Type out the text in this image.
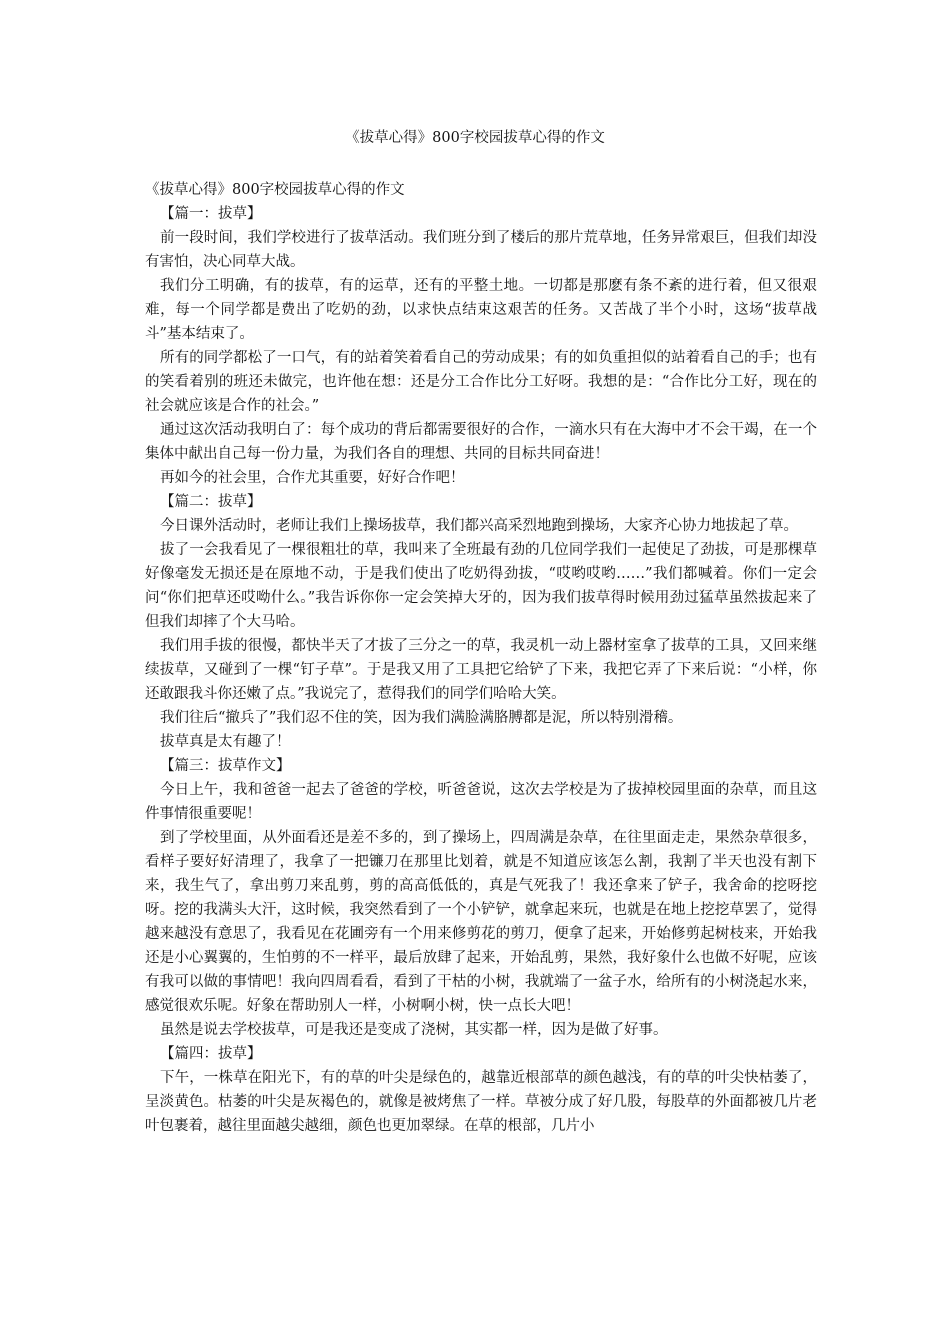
《拔草心得》800字校园拔草心得的作文

《拔草心得》800字校园拔草心得的作文

【篇一：拔草】

前一段时间，我们学校进行了拔草活动。我们班分到了楼后的那片荒草地，任务异常艰巨，但我们却没有害怕，决心同草大战。

我们分工明确，有的拔草，有的运草，还有的平整土地。一切都是那麽有条不紊的进行着，但又很艰难，每一个同学都是费出了吃奶的劲，以求快点结束这艰苦的任务。又苦战了半个小时，这场“拔草战斗”基本结束了。

所有的同学都松了一口气，有的站着笑着看自己的劳动成果；有的如负重担似的站着看自己的手；也有的笑看着别的班还未做完，也许他在想：还是分工合作比分工好呀。我想的是：“合作比分工好，现在的社会就应该是合作的社会。”

通过这次活动我明白了：每个成功的背后都需要很好的合作，一滴水只有在大海中才不会干竭，在一个集体中献出自己每一份力量，为我们各自的理想、共同的目标共同奋进！

再如今的社会里，合作尤其重要，好好合作吧！

【篇二：拔草】

今日课外活动时，老师让我们上操场拔草，我们都兴高采烈地跑到操场，大家齐心协力地拔起了草。

拔了一会我看见了一棵很粗壮的草，我叫来了全班最有劲的几位同学我们一起使足了劲拔，可是那棵草好像毫发无损还是在原地不动，于是我们使出了吃奶得劲拔，“哎哟哎哟……”我们都喊着。你们一定会问“你们把草还哎呦什么。”我告诉你你一定会笑掉大牙的，因为我们拔草得时候用劲过猛草虽然拔起来了但我们却摔了个大马哈。

我们用手拔的很慢，都快半天了才拔了三分之一的草，我灵机一动上器材室拿了拔草的工具，又回来继续拔草，又碰到了一棵“钉子草”。于是我又用了工具把它给铲了下来，我把它弄了下来后说：“小样，你还敢跟我斗你还嫩了点。”我说完了，惹得我们的同学们哈哈大笑。

我们往后“撤兵了”我们忍不住的笑，因为我们满脸满胳膊都是泥，所以特别滑稽。

拔草真是太有趣了！

【篇三：拔草作文】

今日上午，我和爸爸一起去了爸爸的学校，听爸爸说，这次去学校是为了拔掉校园里面的杂草，而且这件事情很重要呢！

到了学校里面，从外面看还是差不多的，到了操场上，四周满是杂草，在往里面走走，果然杂草很多，看样子要好好清理了，我拿了一把镰刀在那里比划着，就是不知道应该怎么割，我割了半天也没有割下来，我生气了，拿出剪刀来乱剪，剪的高高低低的，真是气死我了！我还拿来了铲子，我舍命的挖呀挖呀。挖的我满头大汗，这时候，我突然看到了一个小铲铲，就拿起来玩，也就是在地上挖挖草罢了，觉得越来越没有意思了，我看见在花圃旁有一个用来修剪花的剪刀，便拿了起来，开始修剪起树枝来，开始我还是小心翼翼的，生怕剪的不一样平，最后放肆了起来，开始乱剪，果然，我好象什么也做不好呢，应该有我可以做的事情吧！我向四周看看，看到了干枯的小树，我就端了一盆子水，给所有的小树浇起水来，感觉很欢乐呢。好象在帮助别人一样，小树啊小树，快一点长大吧！

虽然是说去学校拔草，可是我还是变成了浇树，其实都一样，因为是做了好事。

【篇四：拔草】

下午，一株草在阳光下，有的草的叶尖是绿色的，越靠近根部草的颜色越浅，有的草的叶尖快枯萎了，呈淡黄色。枯萎的叶尖是灰褐色的，就像是被烤焦了一样。草被分成了好几股，每股草的外面都被几片老叶包裹着，越往里面越尖越细，颜色也更加翠绿。在草的根部，几片小
